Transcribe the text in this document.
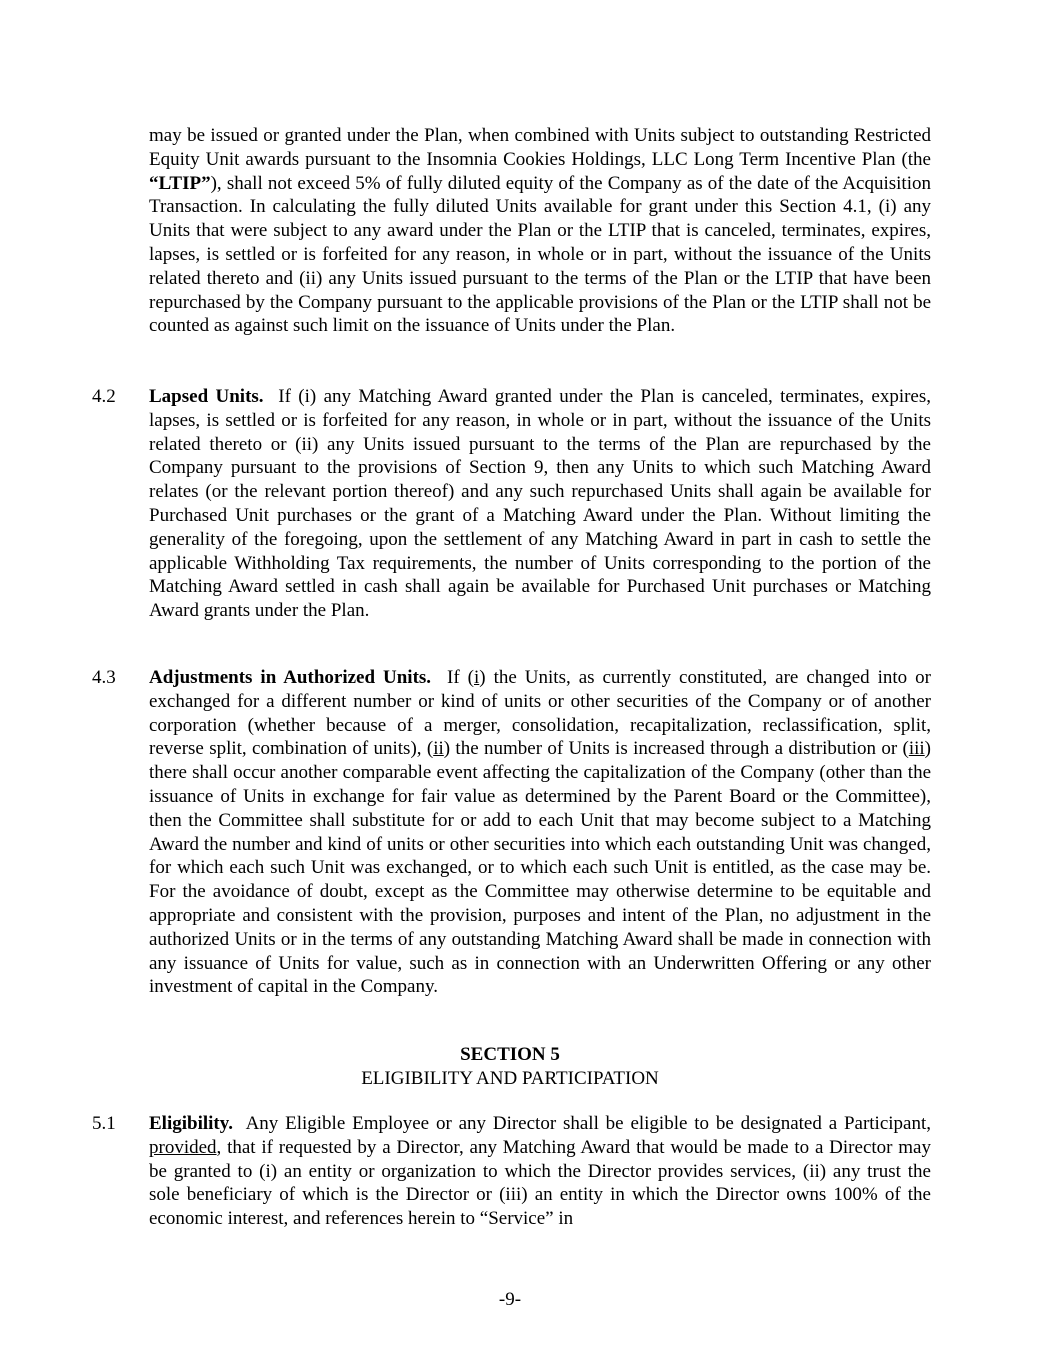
may be issued or granted under the Plan, when combined with Units subject to outstanding Restricted Equity Unit awards pursuant to the Insomnia Cookies Holdings, LLC Long Term Incentive Plan (the “LTIP”), shall not exceed 5% of fully diluted equity of the Company as of the date of the Acquisition Transaction. In calculating the fully diluted Units available for grant under this Section 4.1, (i) any Units that were subject to any award under the Plan or the LTIP that is canceled, terminates, expires, lapses, is settled or is forfeited for any reason, in whole or in part, without the issuance of the Units related thereto and (ii) any Units issued pursuant to the terms of the Plan or the LTIP that have been repurchased by the Company pursuant to the applicable provisions of the Plan or the LTIP shall not be counted as against such limit on the issuance of Units under the Plan.

4.2 Lapsed Units. If (i) any Matching Award granted under the Plan is canceled, terminates, expires, lapses, is settled or is forfeited for any reason, in whole or in part, without the issuance of the Units related thereto or (ii) any Units issued pursuant to the terms of the Plan are repurchased by the Company pursuant to the provisions of Section 9, then any Units to which such Matching Award relates (or the relevant portion thereof) and any such repurchased Units shall again be available for Purchased Unit purchases or the grant of a Matching Award under the Plan. Without limiting the generality of the foregoing, upon the settlement of any Matching Award in part in cash to settle the applicable Withholding Tax requirements, the number of Units corresponding to the portion of the Matching Award settled in cash shall again be available for Purchased Unit purchases or Matching Award grants under the Plan.

4.3 Adjustments in Authorized Units. If (i) the Units, as currently constituted, are changed into or exchanged for a different number or kind of units or other securities of the Company or of another corporation (whether because of a merger, consolidation, recapitalization, reclassification, split, reverse split, combination of units), (ii) the number of Units is increased through a distribution or (iii) there shall occur another comparable event affecting the capitalization of the Company (other than the issuance of Units in exchange for fair value as determined by the Parent Board or the Committee), then the Committee shall substitute for or add to each Unit that may become subject to a Matching Award the number and kind of units or other securities into which each outstanding Unit was changed, for which each such Unit was exchanged, or to which each such Unit is entitled, as the case may be. For the avoidance of doubt, except as the Committee may otherwise determine to be equitable and appropriate and consistent with the provision, purposes and intent of the Plan, no adjustment in the authorized Units or in the terms of any outstanding Matching Award shall be made in connection with any issuance of Units for value, such as in connection with an Underwritten Offering or any other investment of capital in the Company.

SECTION 5

ELIGIBILITY AND PARTICIPATION

5.1 Eligibility. Any Eligible Employee or any Director shall be eligible to be designated a Participant, provided, that if requested by a Director, any Matching Award that would be made to a Director may be granted to (i) an entity or organization to which the Director provides services, (ii) any trust the sole beneficiary of which is the Director or (iii) an entity in which the Director owns 100% of the economic interest, and references herein to “Service” in

-9-
